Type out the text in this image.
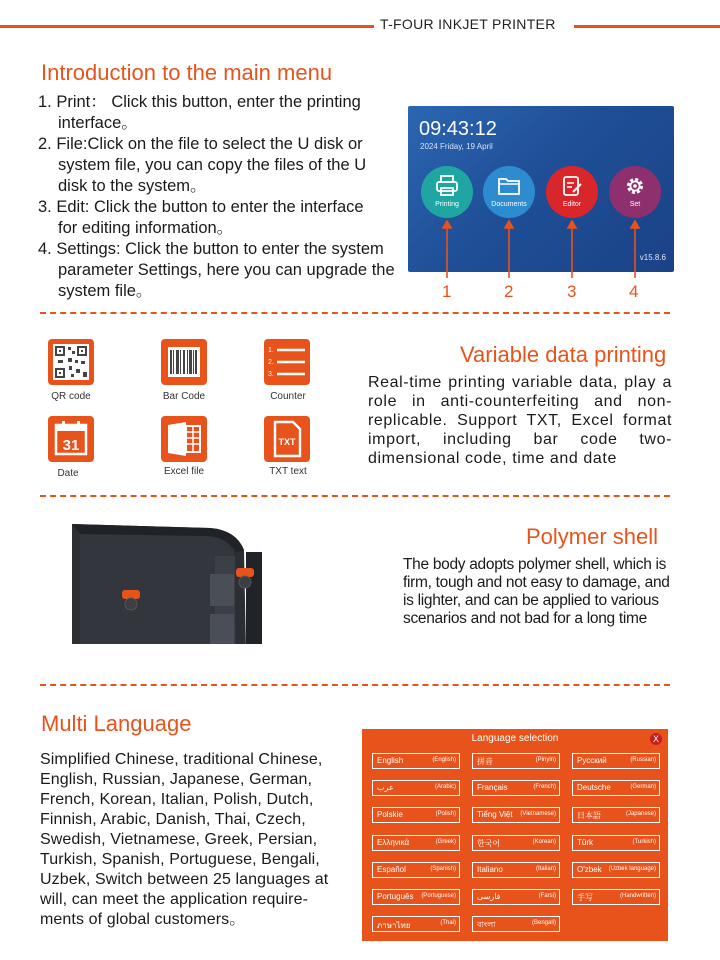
T-FOUR INKJET PRINTER
Introduction to the main menu
1. Print： Click this button, enter the printing
interface。
2. File:Click on the file to select the U disk or
system file, you can copy the files of the U
disk to the system。
3. Edit: Click the button to enter the interface
for editing information。
4. Settings: Click the button to enter the system
parameter Settings, here you can upgrade the
system file。
09:43:12
2024 Friday, 19 April
Printing	Documents	Editor	Set
v15.8.6
1	2	3	4
Variable data printing
QR code	Bar Code
1.
2.
3.
Counter
31
Date	Excel file
TXT
TXT text
Real-time printing variable data, play a role in anti-counterfeiting and non-replicable. Support TXT, Excel format import, including bar code two-dimensional code, time and date
Polymer shell
The body adopts polymer shell, which is firm, tough and not easy to damage, and is lighter, and can be applied to various scenarios and not bad for a long time
Multi Language
Simplified Chinese, traditional Chinese, English, Russian, Japanese, German, French, Korean, Italian, Polish, Dutch, Finnish, Arabic, Danish, Thai, Czech, Swedish, Vietnamese, Greek, Persian, Turkish, Spanish, Portuguese, Bengali, Uzbek, Switch between 25 languages at will, can meet the application require-ments of global customers。
Language selection	X
English	(English)	拼音	(Pinyin)	Русский	(Russian)
عرب	(Arabic)	Français	(French)	Deutsche	(German)
Polskie	(Polish)	Tiếng Việt (Vietnamese)	日本語	(Japanese)
Ελληνικά	(Greek)	한국어	(Korean)	Türk	(Turkish)
Español	(Spanish)	Italiano	(Italian)	O'zbek (Uzbek language)
Português (Portuguese)	فارسی	(Farsi)	手写	(Handwritten)
ภาษาไทย	(Thai)	বাংলা	(Bengali)
